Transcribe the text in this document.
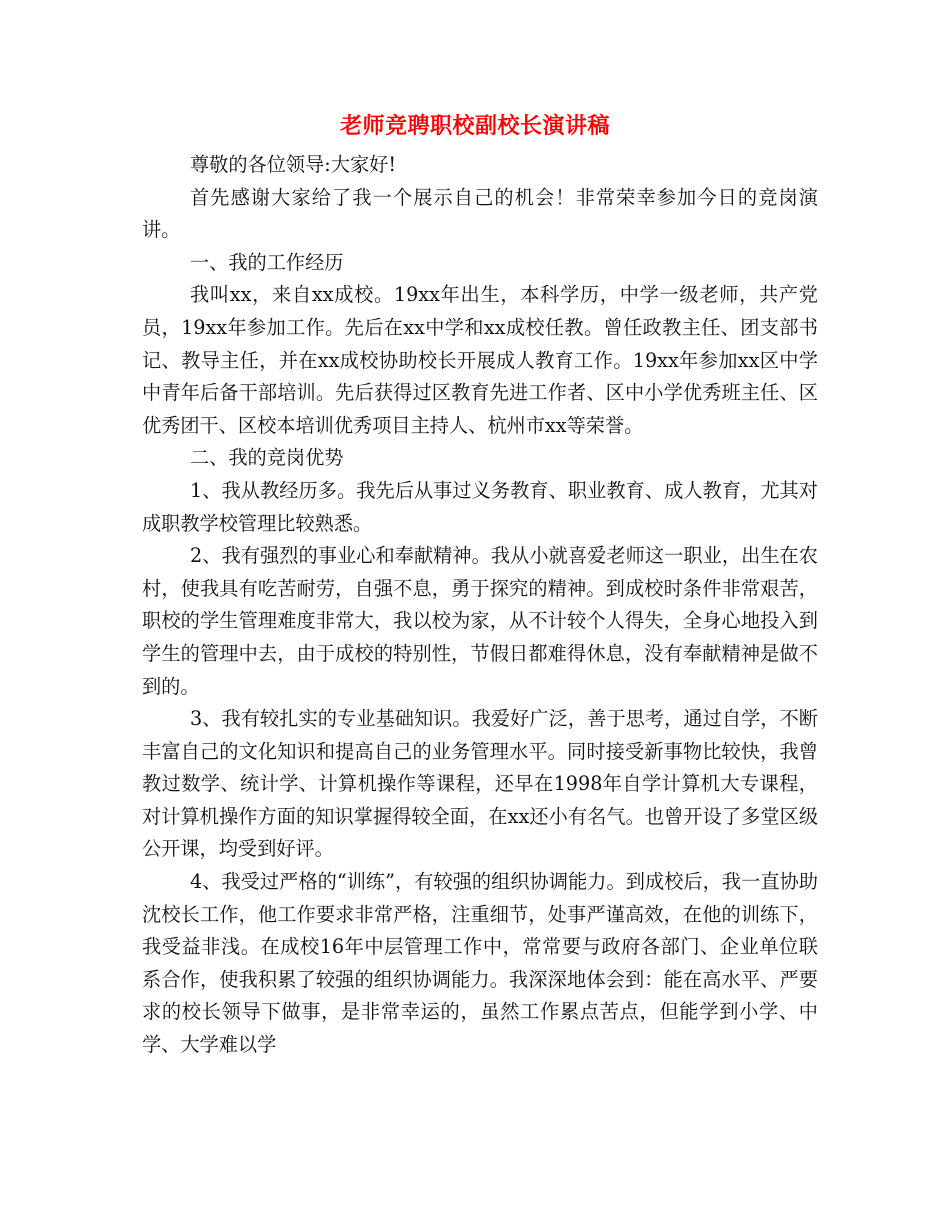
老师竞聘职校副校长演讲稿

尊敬的各位领导:大家好!

首先感谢大家给了我一个展示自己的机会！非常荣幸参加今日的竞岗演讲。

一、我的工作经历

我叫xx，来自xx成校。19xx年出生，本科学历，中学一级老师，共产党员，19xx年参加工作。先后在xx中学和xx成校任教。曾任政教主任、团支部书记、教导主任，并在xx成校协助校长开展成人教育工作。19xx年参加xx区中学中青年后备干部培训。先后获得过区教育先进工作者、区中小学优秀班主任、区优秀团干、区校本培训优秀项目主持人、杭州市xx等荣誉。

二、我的竞岗优势

1、我从教经历多。我先后从事过义务教育、职业教育、成人教育，尤其对成职教学校管理比较熟悉。

2、我有强烈的事业心和奉献精神。我从小就喜爱老师这一职业，出生在农村，使我具有吃苦耐劳，自强不息，勇于探究的精神。到成校时条件非常艰苦，职校的学生管理难度非常大，我以校为家，从不计较个人得失，全身心地投入到学生的管理中去，由于成校的特别性，节假日都难得休息，没有奉献精神是做不到的。

3、我有较扎实的专业基础知识。我爱好广泛，善于思考，通过自学，不断丰富自己的文化知识和提高自己的业务管理水平。同时接受新事物比较快，我曾教过数学、统计学、计算机操作等课程，还早在1998年自学计算机大专课程，对计算机操作方面的知识掌握得较全面，在xx还小有名气。也曾开设了多堂区级公开课，均受到好评。

4、我受过严格的“训练”，有较强的组织协调能力。到成校后，我一直协助沈校长工作，他工作要求非常严格，注重细节，处事严谨高效，在他的训练下，我受益非浅。在成校16年中层管理工作中，常常要与政府各部门、企业单位联系合作，使我积累了较强的组织协调能力。我深深地体会到：能在高水平、严要求的校长领导下做事，是非常幸运的，虽然工作累点苦点，但能学到小学、中学、大学难以学
